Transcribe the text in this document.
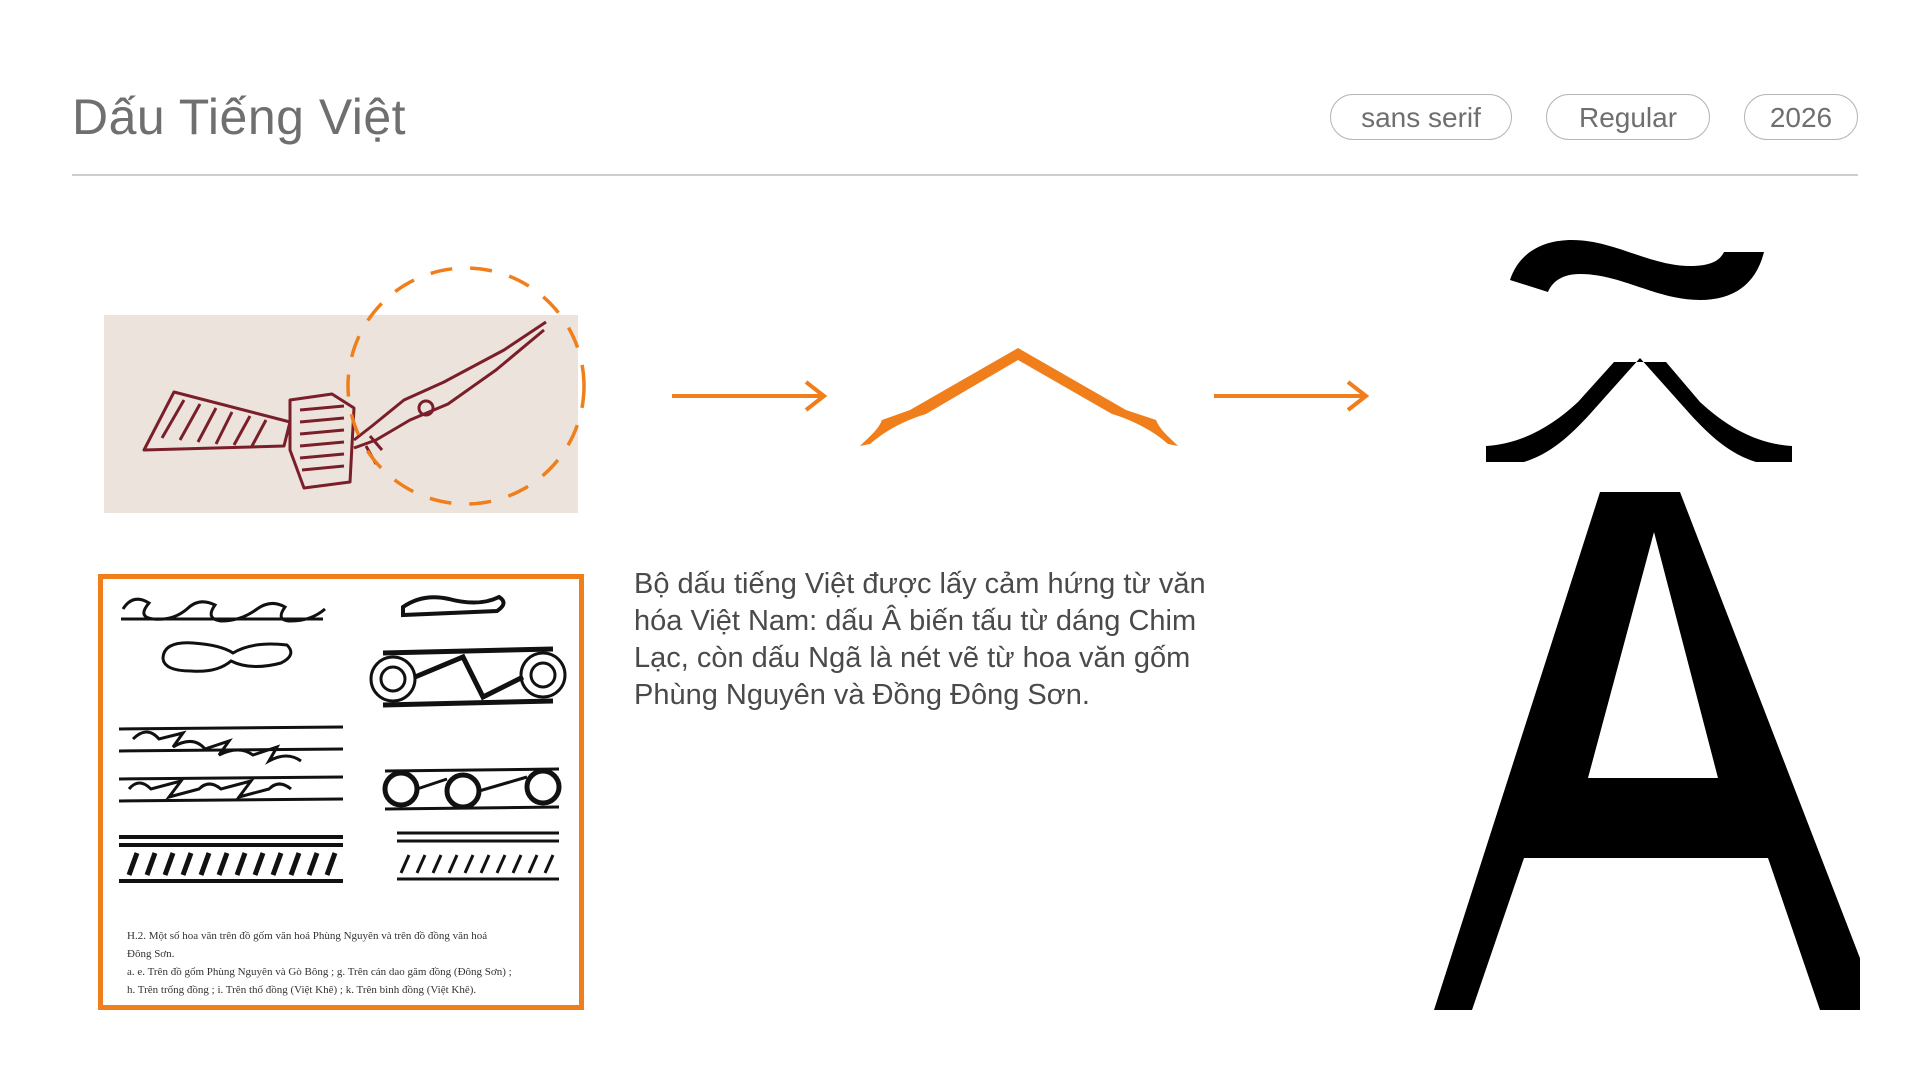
Dấu Tiếng Việt	sans serif	Regular	2026
H.2. Một số hoa văn trên đồ gốm văn hoá Phùng Nguyên và trên đồ đồng văn hoá
Đông Sơn.
a. e. Trên đồ gốm Phùng Nguyên và Gò Bông ; g. Trên cán dao găm đồng (Đông Sơn) ;
h. Trên trống đồng ; i. Trên thố đồng (Việt Khê) ; k. Trên bình đồng (Việt Khê).

Bộ dấu tiếng Việt được lấy cảm hứng từ văn hóa Việt Nam: dấu Â biến tấu từ dáng Chim Lạc, còn dấu Ngã là nét vẽ từ hoa văn gốm Phùng Nguyên và Đồng Đông Sơn.
